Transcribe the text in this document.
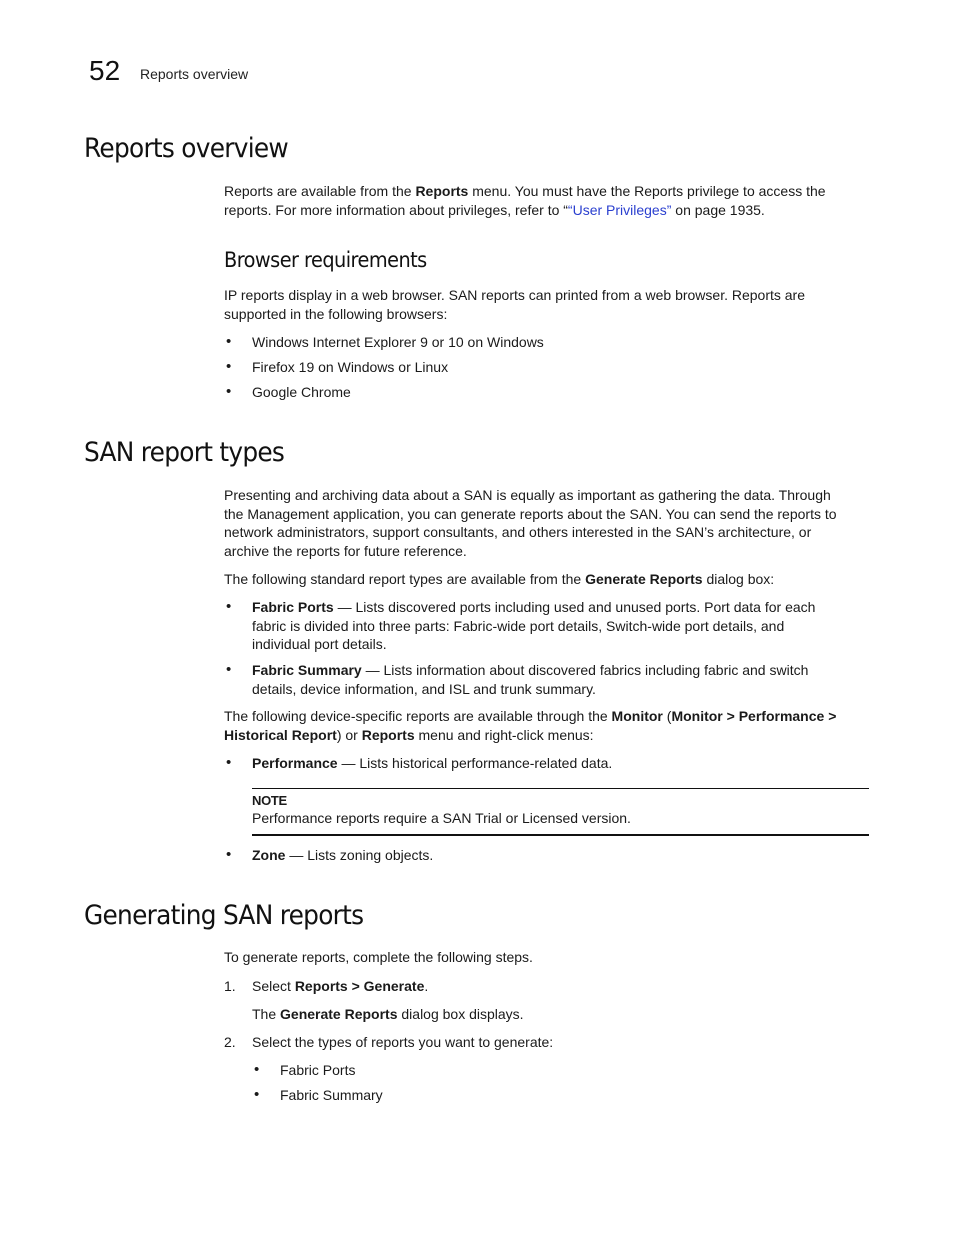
52 Reports overview
Reports overview

Reports are available from the Reports menu. You must have the Reports privilege to access the
reports. For more information about privileges, refer to ““User Privileges” on page 1935.

Browser requirements

IP reports display in a web browser. SAN reports can printed from a web browser. Reports are
supported in the following browsers:

• Windows Internet Explorer 9 or 10 on Windows
• Firefox 19 on Windows or Linux
• Google Chrome
SAN report types

Presenting and archiving data about a SAN is equally as important as gathering the data. Through
the Management application, you can generate reports about the SAN. You can send the reports to
network administrators, support consultants, and others interested in the SAN’s architecture, or
archive the reports for future reference.

The following standard report types are available from the Generate Reports dialog box:

• Fabric Ports — Lists discovered ports including used and unused ports. Port data for each
fabric is divided into three parts: Fabric-wide port details, Switch-wide port details, and
individual port details.
• Fabric Summary — Lists information about discovered fabrics including fabric and switch
details, device information, and ISL and trunk summary.

The following device-specific reports are available through the Monitor (Monitor > Performance >
Historical Report) or Reports menu and right-click menus:

• Performance — Lists historical performance-related data.
NOTE
Performance reports require a SAN Trial or Licensed version.
• Zone — Lists zoning objects.
Generating SAN reports

To generate reports, complete the following steps.

1. Select Reports > Generate.
The Generate Reports dialog box displays.
2. Select the types of reports you want to generate:
• Fabric Ports
• Fabric Summary
